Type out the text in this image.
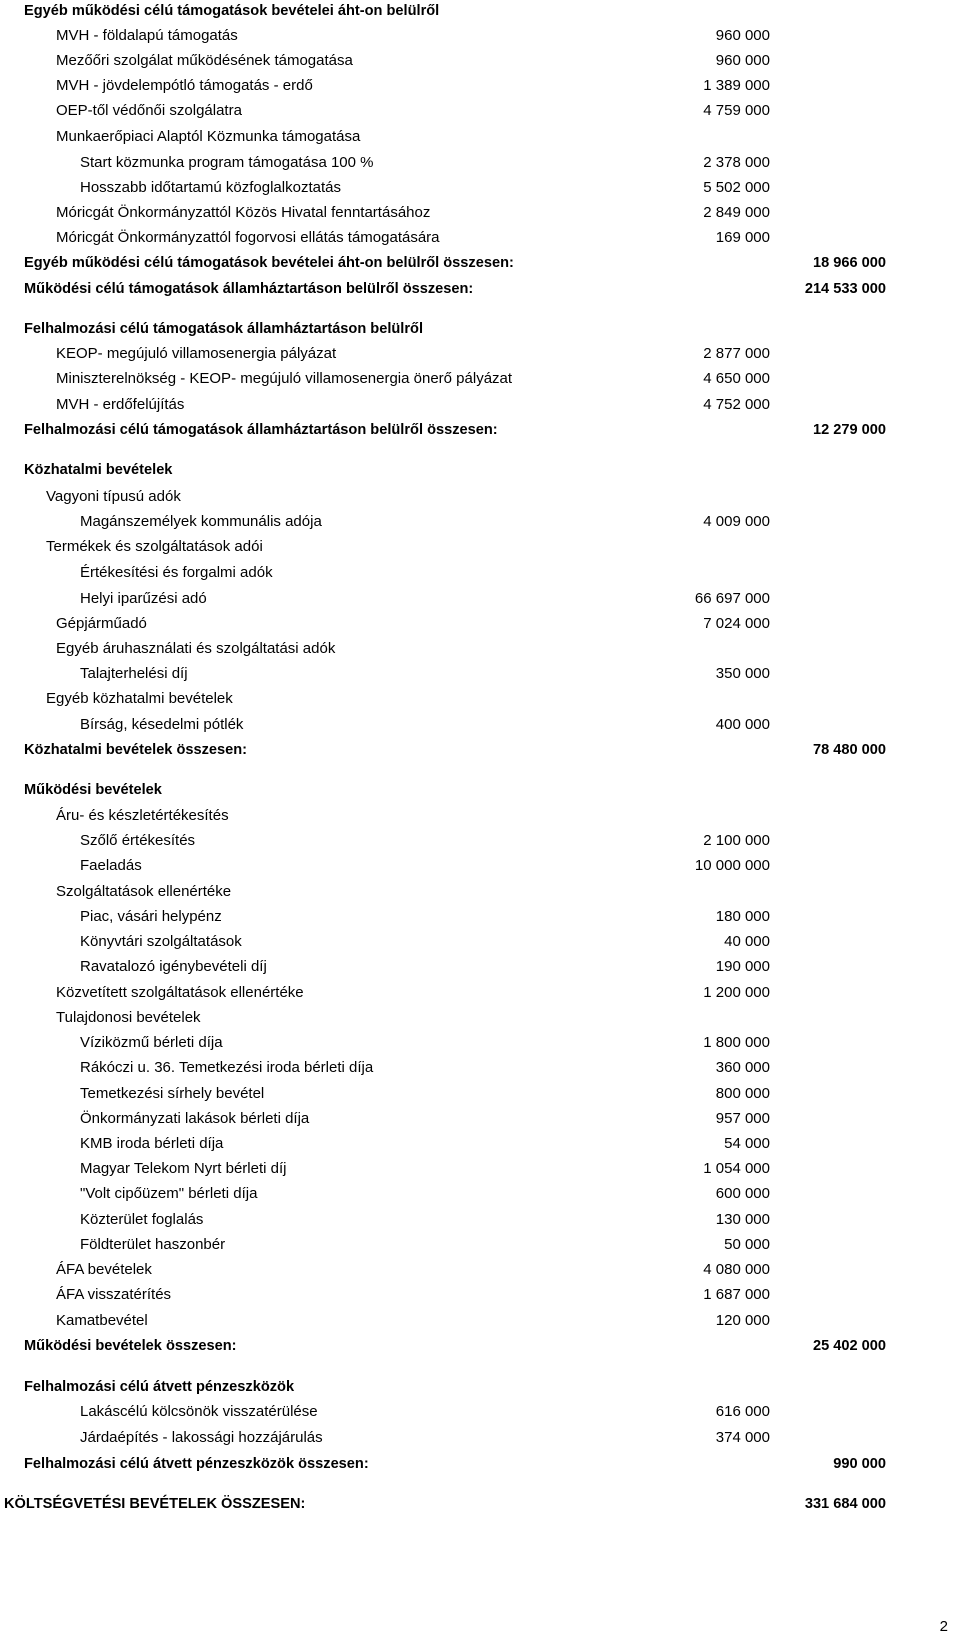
Egyéb működési célú támogatások bevételei áht-on belülről
MVH - földalapú támogatás	960 000
Mezőőri szolgálat működésének támogatása	960 000
MVH - jövdelempótló támogatás - erdő	1 389 000
OEP-től védőnői szolgálatra	4 759 000
Munkaerőpiaci Alaptól Közmunka támogatása
Start közmunka program támogatása 100 %	2 378 000
Hosszabb időtartamú közfoglalkoztatás	5 502 000
Móricgát Önkormányzattól Közös Hivatal fenntartásához	2 849 000
Móricgát Önkormányzattól fogorvosi ellátás támogatására	169 000
Egyéb működési célú támogatások bevételei áht-on belülről összesen:	18 966 000
Működési célú támogatások államháztartáson belülről összesen:	214 533 000
Felhalmozási célú támogatások államháztartáson belülről
KEOP- megújuló villamosenergia pályázat	2 877 000
Miniszterelnökség - KEOP- megújuló villamosenergia önerő pályázat	4 650 000
MVH - erdőfelújítás	4 752 000
Felhalmozási célú támogatások államháztartáson belülről összesen:	12 279 000
Közhatalmi bevételek
Vagyoni típusú adók
Magánszemélyek kommunális adója	4 009 000
Termékek és szolgáltatások adói
Értékesítési és forgalmi adók
Helyi iparűzési adó	66 697 000
Gépjárműadó	7 024 000
Egyéb áruhasználati és szolgáltatási adók
Talajterhelési díj	350 000
Egyéb közhatalmi bevételek
Bírság, késedelmi pótlék	400 000
Közhatalmi bevételek összesen:	78 480 000
Működési bevételek
Áru- és készletértékesítés
Szőlő értékesítés	2 100 000
Faeladás	10 000 000
Szolgáltatások ellenértéke
Piac, vásári helypénz	180 000
Könyvtári szolgáltatások	40 000
Ravatalozó igénybevételi díj	190 000
Közvetített szolgáltatások ellenértéke	1 200 000
Tulajdonosi bevételek
Víziközmű bérleti díja	1 800 000
Rákóczi u. 36. Temetkezési iroda bérleti díja	360 000
Temetkezési sírhely bevétel	800 000
Önkormányzati lakások bérleti díja	957 000
KMB iroda bérleti díja	54 000
Magyar Telekom Nyrt bérleti díj	1 054 000
"Volt cipőüzem" bérleti díja	600 000
Közterület foglalás	130 000
Földterület haszonbér	50 000
ÁFA bevételek	4 080 000
ÁFA visszatérítés	1 687 000
Kamatbevétel	120 000
Működési bevételek összesen:	25 402 000
Felhalmozási célú átvett pénzeszközök
Lakáscélú kölcsönök visszatérülése	616 000
Járdaépítés - lakossági hozzájárulás	374 000
Felhalmozási célú átvett pénzeszközök összesen:	990 000
KÖLTSÉGVETÉSI BEVÉTELEK ÖSSZESEN:	331 684 000
2
